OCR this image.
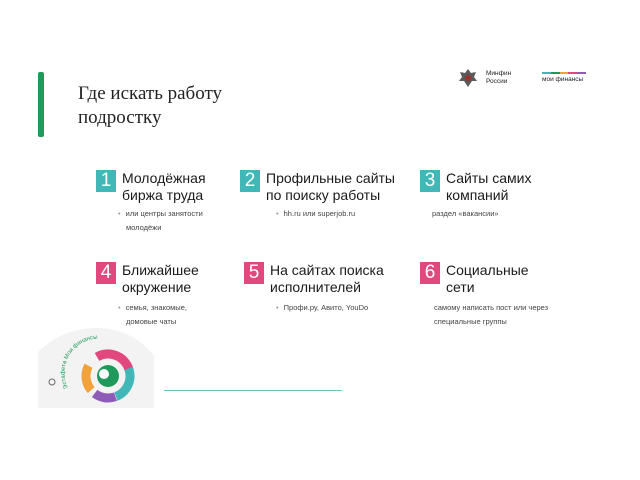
Где искать работу
подростку
Минфин
России	мои финансы
1 Молодёжная
биржа труда
• или центры занятости
молодёжи
2 Профильные сайты
по поиску работы
• hh.ru или superjob.ru
3 Сайты самих
компаний
раздел «вакансии»
4 Ближайшее
окружение
• семья, знакомые,
домовые чаты
5 На сайтах поиска
исполнителей
• Профи.ру, Авито, YouDo
6 Социальные
сети
самому написать пост или через
специальные группы
Эстафета Мои финансы
